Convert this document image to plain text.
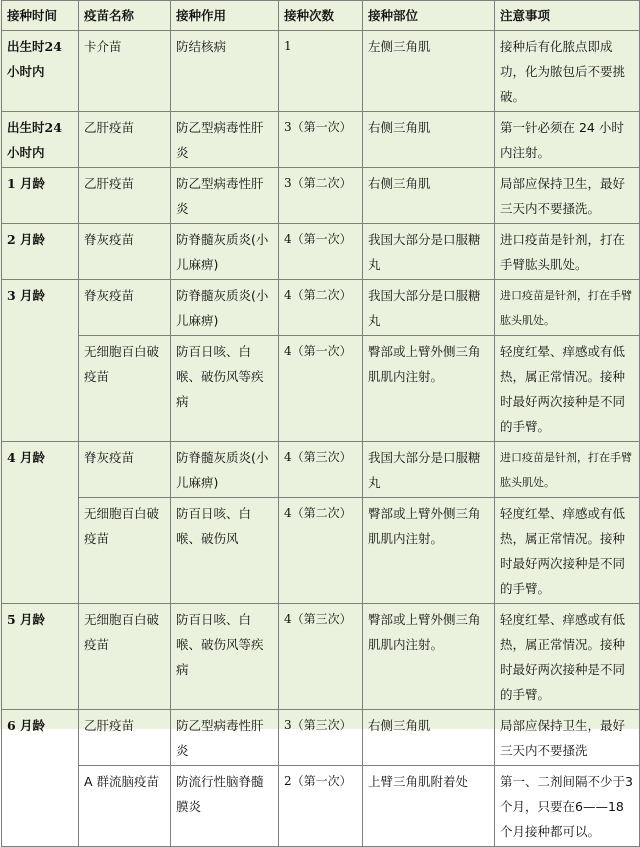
接种时间	疫苗名称	接种作用	接种次数	接种部位	注意事项
出生时24小时内	卡介苗	防结核病	1	左侧三角肌	接种后有化脓点即成功，化为脓包后不要挑破。
出生时24小时内	乙肝疫苗	防乙型病毒性肝炎	3（第一次）	右侧三角肌	第一针必须在 24 小时内注射。
1 月龄	乙肝疫苗	防乙型病毒性肝炎	3（第二次）	右侧三角肌	局部应保持卫生，最好三天内不要搔洗。
2 月龄	脊灰疫苗	防脊髓灰质炎(小儿麻痹)	4（第一次）	我国大部分是口服糖丸	进口疫苗是针剂，打在手臂肱头肌处。
3 月龄	脊灰疫苗	防脊髓灰质炎(小儿麻痹)	4（第二次）	我国大部分是口服糖丸	进口疫苗是针剂，打在手臂肱头肌处。
	无细胞百白破疫苗	防百日咳、白喉、破伤风等疾病	4（第一次）	臀部或上臂外侧三角肌肌内注射。	轻度红晕、痒感或有低热，属正常情况。接种时最好两次接种是不同的手臂。
4 月龄	脊灰疫苗	防脊髓灰质炎(小儿麻痹)	4（第三次）	我国大部分是口服糖丸	进口疫苗是针剂，打在手臂肱头肌处。
	无细胞百白破疫苗	防百日咳、白喉、破伤风	4（第二次）	臀部或上臂外侧三角肌肌内注射。	轻度红晕、痒感或有低热，属正常情况。接种时最好两次接种是不同的手臂。
5 月龄	无细胞百白破疫苗	防百日咳、白喉、破伤风等疾病	4（第三次）	臀部或上臂外侧三角肌肌内注射。	轻度红晕、痒感或有低热，属正常情况。接种时最好两次接种是不同的手臂。
6 月龄	乙肝疫苗	防乙型病毒性肝炎	3（第三次）	右侧三角肌	局部应保持卫生，最好三天内不要搔洗
	A 群流脑疫苗	防流行性脑脊髓膜炎	2（第一次）	上臂三角肌附着处	第一、二剂间隔不少于3个月，只要在6——18个月接种都可以。
